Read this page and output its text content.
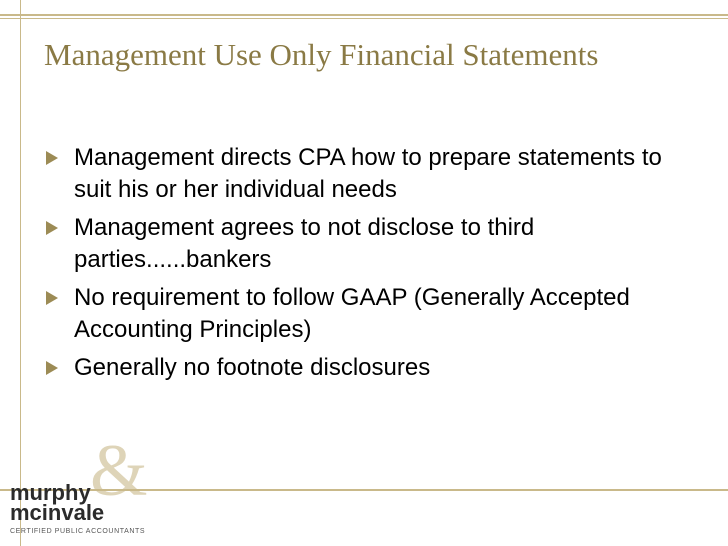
Management Use Only Financial Statements
Management directs CPA how to prepare statements to suit his or her individual needs
Management agrees to not disclose to third parties......bankers
No requirement to follow GAAP (Generally Accepted Accounting Principles)
Generally no footnote disclosures
&
murphy
mcinvale
CERTIFIED PUBLIC ACCOUNTANTS
